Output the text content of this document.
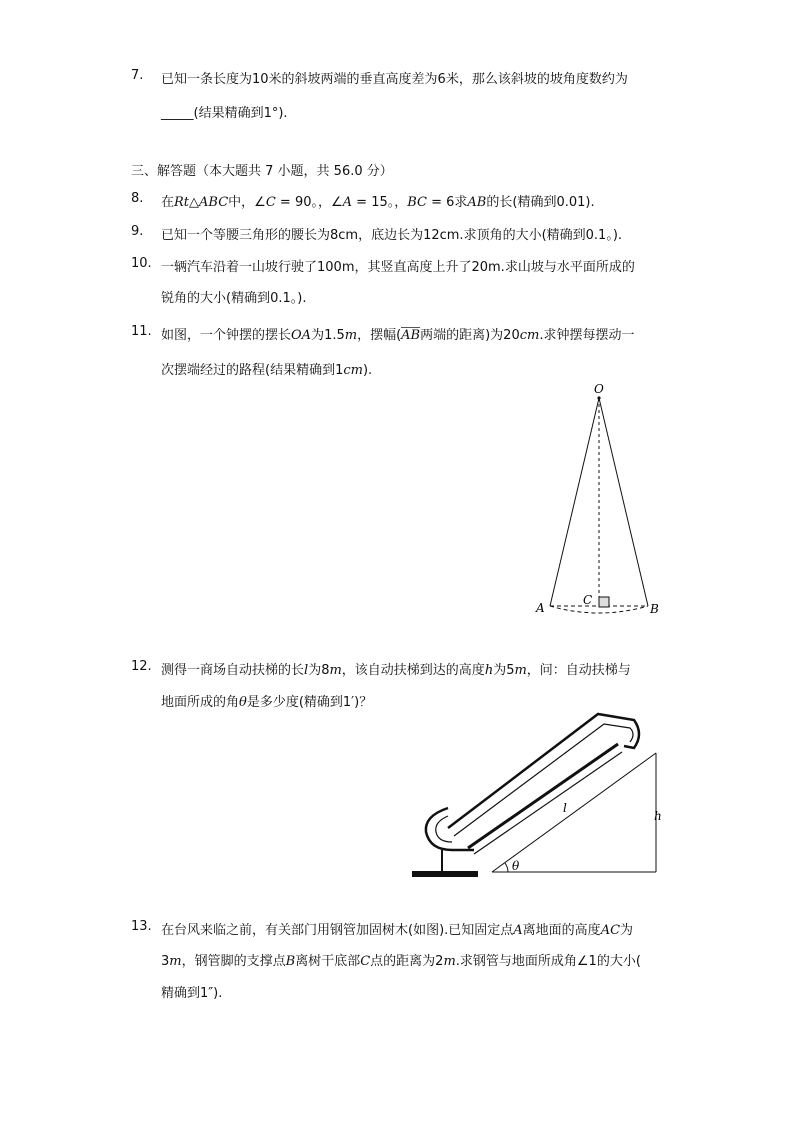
7. 已知一条长度为10米的斜坡两端的垂直高度差为6米，那么该斜坡的坡角度数约为
_____(结果精确到1°).
三、解答题（本大题共 7 小题，共 56.0 分）
8. 在Rt△ABC中，∠C = 90。，∠A = 15。，BC = 6求AB的长(精确到0.01).
9. 已知一个等腰三角形的腰长为8cm，底边长为12cm.求顶角的大小(精确到0.1。).
10. 一辆汽车沿着一山坡行驶了100m，其竖直高度上升了20m.求山坡与水平面所成的
锐角的大小(精确到0.1。).
11. 如图，一个钟摆的摆长OA为1.5m，摆幅(AB两端的距离)为20cm.求钟摆每摆动一
次摆端经过的路程(结果精确到1cm).
O
A	B
C
12. 测得一商场自动扶梯的长l为8m，该自动扶梯到达的高度h为5m，问：自动扶梯与
地面所成的角θ是多少度(精确到1′)？
l
h
θ
13. 在台风来临之前，有关部门用钢管加固树木(如图).已知固定点A离地面的高度AC为
3m，钢管脚的支撑点B离树干底部C点的距离为2m.求钢管与地面所成角∠1的大小(
精确到1″).
